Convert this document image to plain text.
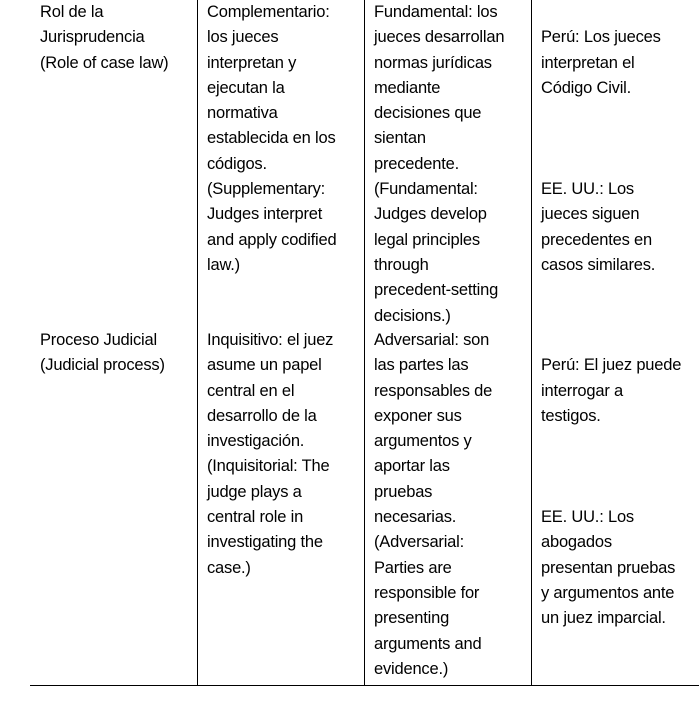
Rol de la
Jurisprudencia
(Role of case law)
Complementario:
los jueces
interpretan y
ejecutan la
normativa
establecida en los
códigos.
(Supplementary:
Judges interpret
and apply codified
law.)
Fundamental: los
jueces desarrollan
normas jurídicas
mediante
decisiones que
sientan
precedente.
(Fundamental:
Judges develop
legal principles
through
precedent-setting
decisions.)

Perú: Los jueces
interpretan el
Código Civil.

EE. UU.: Los
jueces siguen
precedentes en
casos similares.

Proceso Judicial
(Judicial process)
Inquisitivo: el juez
asume un papel
central en el
desarrollo de la
investigación.
(Inquisitorial: The
judge plays a
central role in
investigating the
case.)
Adversarial: son
las partes las
responsables de
exponer sus
argumentos y
aportar las
pruebas
necesarias.
(Adversarial:
Parties are
responsible for
presenting
arguments and
evidence.)

Perú: El juez puede
interrogar a
testigos.

EE. UU.: Los
abogados
presentan pruebas
y argumentos ante
un juez imparcial.
